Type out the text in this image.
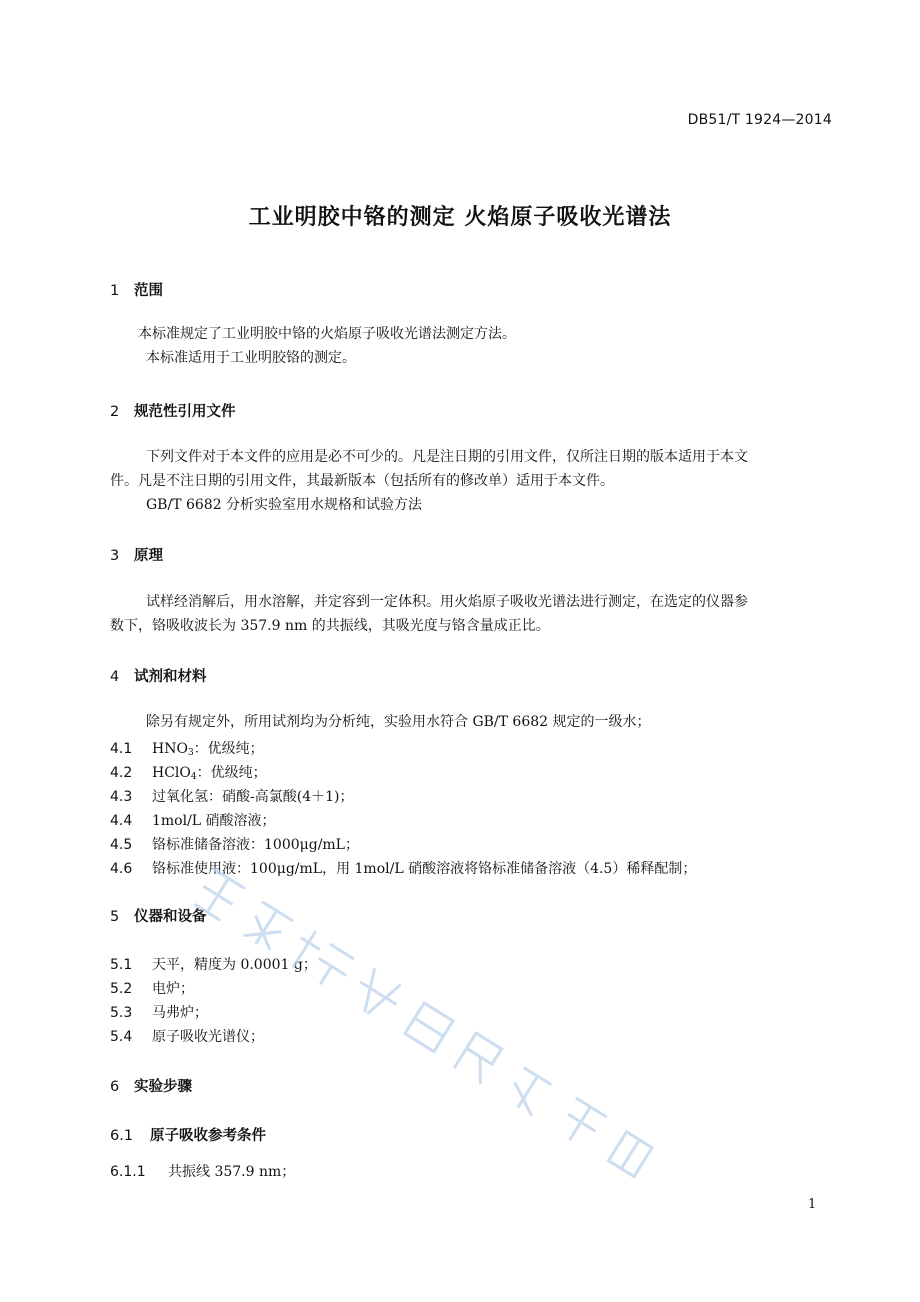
DB51/T 1924—2014
工业明胶中铬的测定 火焰原子吸收光谱法
1 范围
本标准规定了工业明胶中铬的火焰原子吸收光谱法测定方法。
本标准适用于工业明胶铬的测定。
2 规范性引用文件
下列文件对于本文件的应用是必不可少的。凡是注日期的引用文件，仅所注日期的版本适用于本文
件。凡是不注日期的引用文件，其最新版本（包括所有的修改单）适用于本文件。
GB/T 6682 分析实验室用水规格和试验方法
3 原理
试样经消解后，用水溶解，并定容到一定体积。用火焰原子吸收光谱法进行测定，在选定的仪器参
数下，铬吸收波长为 357.9 nm 的共振线，其吸光度与铬含量成正比。
4 试剂和材料
除另有规定外，所用试剂均为分析纯，实验用水符合 GB/T 6682 规定的一级水；
4.1 $HNO_3$：优级纯；
4.2 HClO$_4$：优级纯；
4.3 过氧化氢：硝酸-高氯酸(4＋1)；
4.4 1mol/L 硝酸溶液；
4.5 铬标准储备溶液：1000μg/mL；
4.6 铬标准使用液：100μg/mL，用 1mol/L 硝酸溶液将铬标准储备溶液（4.5）稀释配制；
5 仪器和设备
5.1 天平，精度为 0.0001 g；
5.2 电炉；
5.3 马弗炉；
5.4 原子吸收光谱仪；
6 实验步骤
6.1 原子吸收参考条件
6.1.1 共振线 357.9 nm；
1
